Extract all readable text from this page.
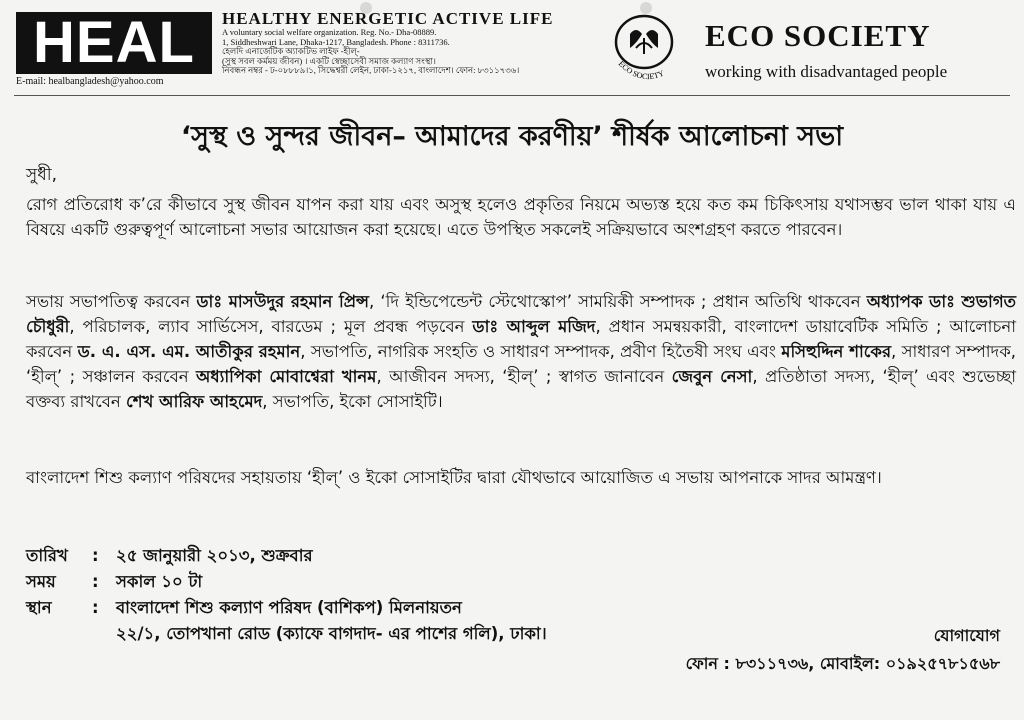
HEAL
E-mail: healbangladesh@yahoo.com
HEALTHY ENERGETIC ACTIVE LIFE
A voluntary social welfare organization. Reg. No.- Dha-08889.
1, Siddheshwari Lane, Dhaka-1217, Bangladesh. Phone : 8311736.
হেলদি এনার্জেটিক অ্যাকটিভ লাইফ -হীল্-
(সুস্থ সবল কর্মময় জীবন) । একটি স্বেচ্ছাসেবী সমাজ কল্যাণ সংস্থা।
নিবন্ধন নম্বর - ঢ-০৮৮৮৯।১, সিদ্ধেশ্বরী লেইন, ঢাকা-১২১৭, বাংলাদেশ। ফোন: ৮৩১১৭৩৬।
ECO SOCIETY
ECO SOCIETY
working with disadvantaged people
‘সুস্থ ও সুন্দর জীবন– আমাদের করণীয়’ শীর্ষক আলোচনা সভা
সুধী,
রোগ প্রতিরোধ ক’রে কীভাবে সুস্থ জীবন যাপন করা যায় এবং অসুস্থ হলেও প্রকৃতির নিয়মে অভ্যস্ত হয়ে কত কম চিকিৎসায় যথাসম্ভব ভাল থাকা যায় এ বিষয়ে একটি গুরুত্বপূর্ণ আলোচনা সভার আয়োজন করা হয়েছে। এতে উপস্থিত সকলেই সক্রিয়ভাবে অংশগ্রহণ করতে পারবেন।
সভায় সভাপতিত্ব করবেন ডাঃ মাসউদুর রহমান প্রিন্স, ‘দি ইন্ডিপেন্ডেন্ট স্টেথোস্কোপ’ সাময়িকী সম্পাদক ; প্রধান অতিথি থাকবেন অধ্যাপক ডাঃ শুভাগত চৌধুরী, পরিচালক, ল্যাব সার্ভিসেস, বারডেম ; মূল প্রবন্ধ পড়বেন ডাঃ আব্দুল মজিদ, প্রধান সমন্বয়কারী, বাংলাদেশ ডায়াবেটিক সমিতি ; আলোচনা করবেন ড. এ. এস. এম. আতীকুর রহমান, সভাপতি, নাগরিক সংহতি ও সাধারণ সম্পাদক, প্রবীণ হিতৈষী সংঘ এবং মসিহুদ্দিন শাকের, সাধারণ সম্পাদক, ‘হীল্’ ; সঞ্চালন করবেন অধ্যাপিকা মোবাশ্বেরা খানম, আজীবন সদস্য, ‘হীল্’ ; স্বাগত জানাবেন জেবুন নেসা, প্রতিষ্ঠাতা সদস্য, ‘হীল্’ এবং শুভেচ্ছা বক্তব্য রাখবেন শেখ আরিফ আহমেদ, সভাপতি, ইকো সোসাইটি।
বাংলাদেশ শিশু কল্যাণ পরিষদের সহায়তায় ‘হীল্’ ও ইকো সোসাইটির দ্বারা যৌথভাবে আয়োজিত এ সভায় আপনাকে সাদর আমন্ত্রণ।
তারিখ	:	২৫ জানুয়ারী ২০১৩, শুক্রবার
সময়	:	সকাল ১০ টা
স্থান	:	বাংলাদেশ শিশু কল্যাণ পরিষদ (বাশিকপ) মিলনায়তন
২২/১, তোপখানা রোড (ক্যাফে বাগদাদ- এর পাশের গলি), ঢাকা।	যোগাযোগ
ফোন : ৮৩১১৭৩৬, মোবাইল: ০১৯২৫৭৮১৫৬৮
